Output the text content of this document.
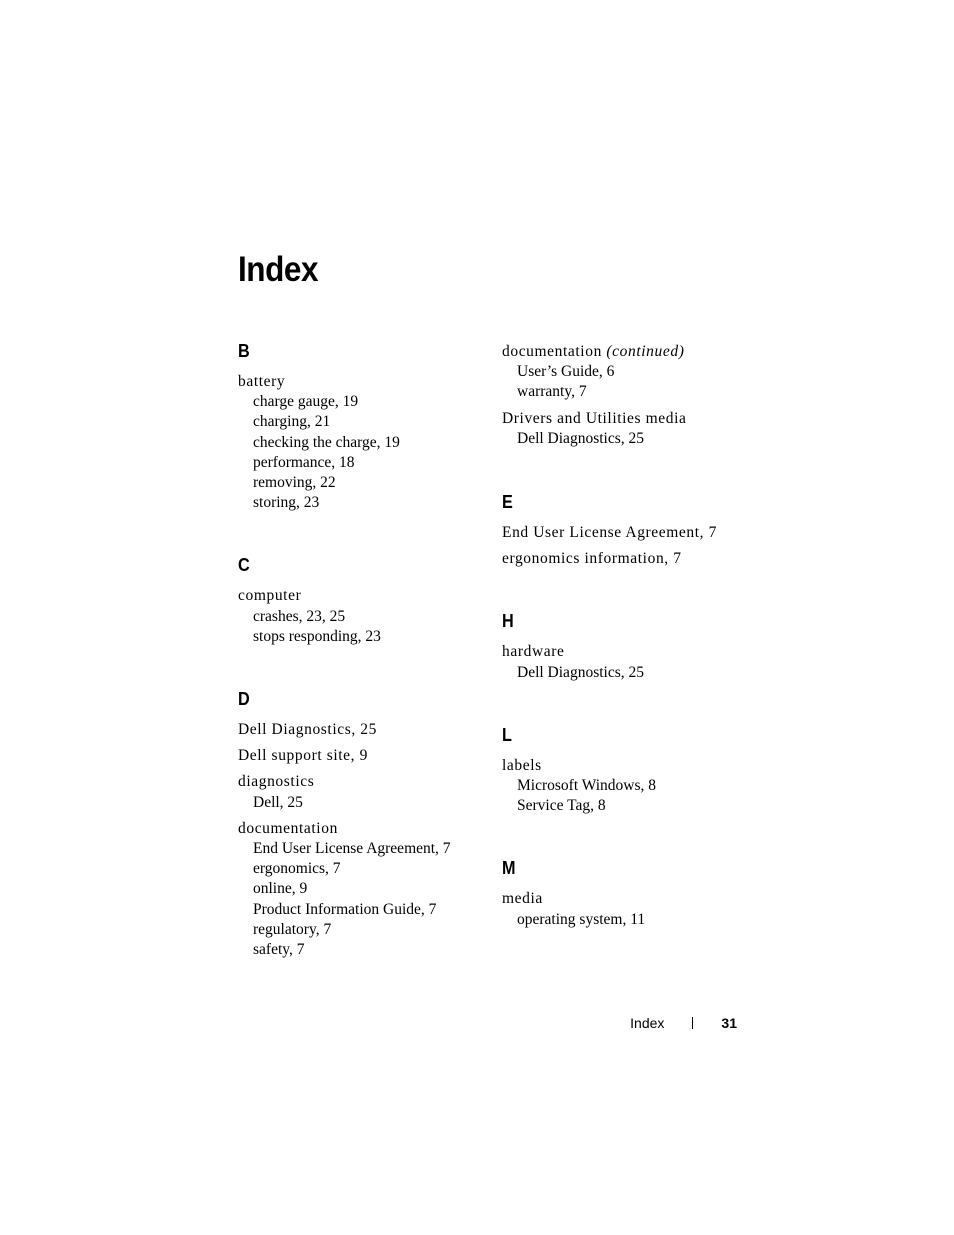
Index
B
battery
charge gauge, 19
charging, 21
checking the charge, 19
performance, 18
removing, 22
storing, 23
C
computer
crashes, 23, 25
stops responding, 23
D
Dell Diagnostics, 25
Dell support site, 9
diagnostics
Dell, 25
documentation
End User License Agreement, 7
ergonomics, 7
online, 9
Product Information Guide, 7
regulatory, 7
safety, 7
documentation (continued)
User’s Guide, 6
warranty, 7
Drivers and Utilities media
Dell Diagnostics, 25
E
End User License Agreement, 7
ergonomics information, 7
H
hardware
Dell Diagnostics, 25
L
labels
Microsoft Windows, 8
Service Tag, 8
M
media
operating system, 11
Index	31
